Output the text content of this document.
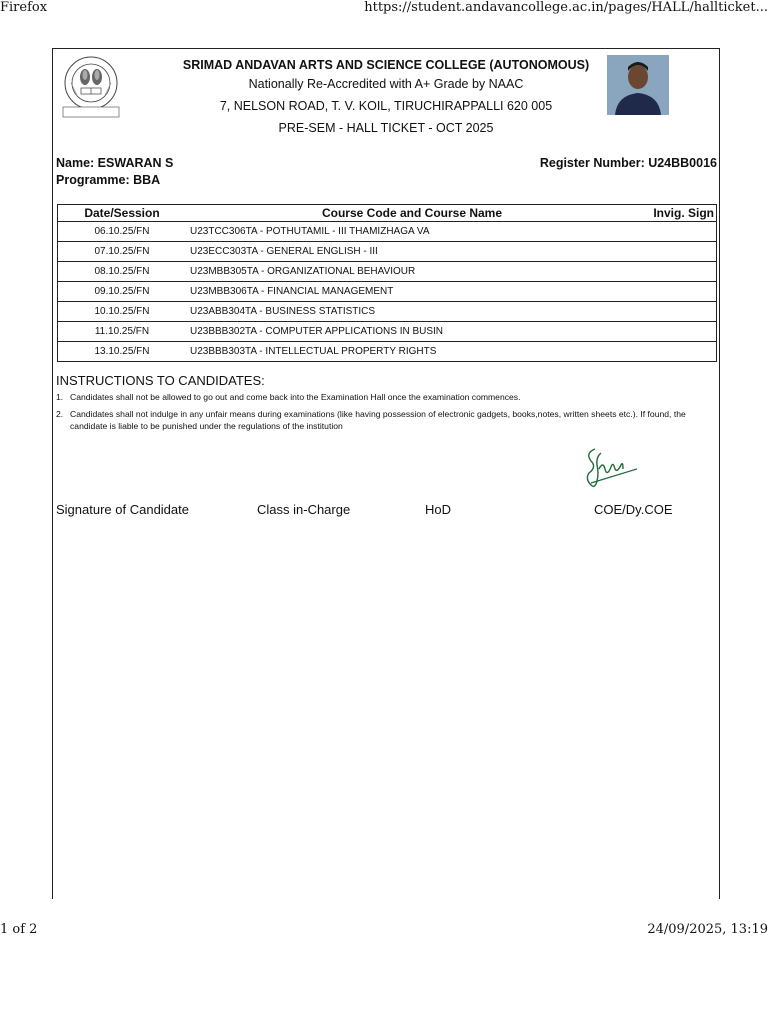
Firefox	https://student.andavancollege.ac.in/pages/HALL/hallticket...
SRIMAD ANDAVAN ARTS AND SCIENCE COLLEGE (AUTONOMOUS)
Nationally Re-Accredited with A+ Grade by NAAC
7, NELSON ROAD, T. V. KOIL, TIRUCHIRAPPALLI 620 005
PRE-SEM - HALL TICKET - OCT 2025
Name: ESWARAN S
Programme: BBA
Register Number: U24BB0016
Date/Session	Course Code and Course Name	Invig. Sign
06.10.25/FN	U23TCC306TA - POTHUTAMIL - III THAMIZHAGA VA	
07.10.25/FN	U23ECC303TA - GENERAL ENGLISH - III	
08.10.25/FN	U23MBB305TA - ORGANIZATIONAL BEHAVIOUR	
09.10.25/FN	U23MBB306TA - FINANCIAL MANAGEMENT	
10.10.25/FN	U23ABB304TA - BUSINESS STATISTICS	
11.10.25/FN	U23BBB302TA - COMPUTER APPLICATIONS IN BUSIN	
13.10.25/FN	U23BBB303TA - INTELLECTUAL PROPERTY RIGHTS	
INSTRUCTIONS TO CANDIDATES:
1. Candidates shall not be allowed to go out and come back into the Examination Hall once the examination commences.
2. Candidates shall not indulge in any unfair means during examinations (like having possession of electronic gadgets, books,notes, written sheets etc.). If found, the candidate is liable to be punished under the regulations of the institution
Signature of Candidate	Class in-Charge	HoD	COE/Dy.COE
1 of 2	24/09/2025, 13:19
